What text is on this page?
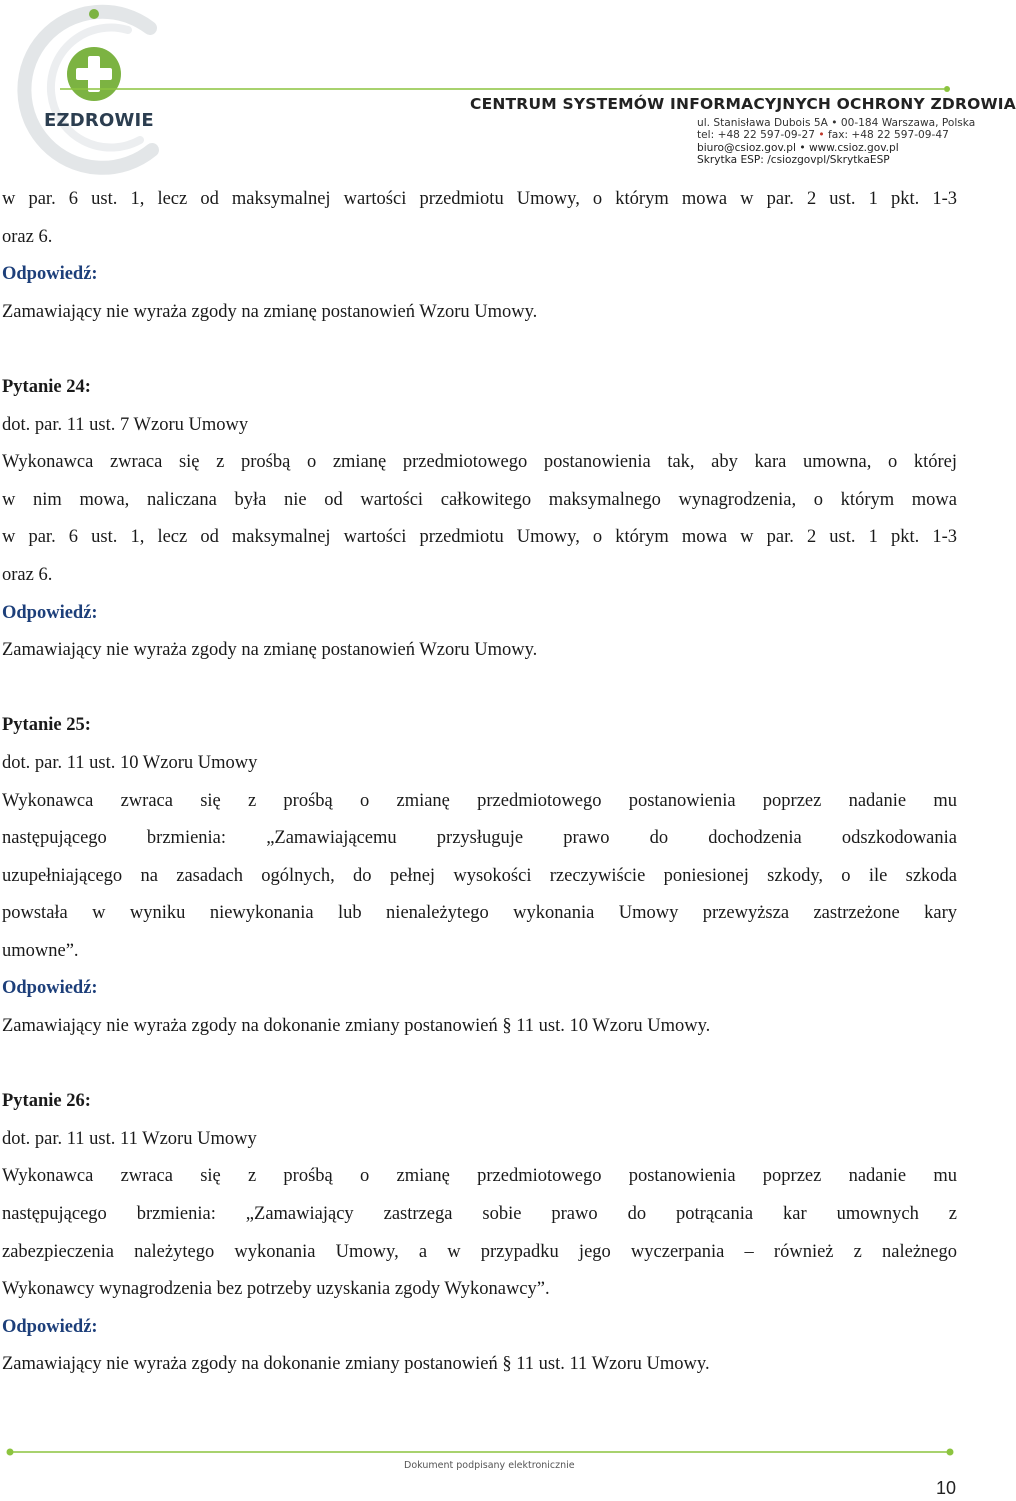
EZDROWIE
CENTRUM SYSTEMÓW INFORMACYJNYCH OCHRONY ZDROWIA
ul. Stanisława Dubois 5A • 00-184 Warszawa, Polska
tel: +48 22 597-09-27 • fax: +48 22 597-09-47
biuro@csioz.gov.pl • www.csioz.gov.pl
Skrytka ESP: /csiozgovpl/SkrytkaESP
w par. 6 ust. 1, lecz od maksymalnej wartości przedmiotu Umowy, o którym mowa w par. 2 ust. 1 pkt. 1-3
oraz 6.
Odpowiedź:
Zamawiający nie wyraża zgody na zmianę postanowień Wzoru Umowy.
Pytanie 24:
dot. par. 11 ust. 7 Wzoru Umowy
Wykonawca zwraca się z prośbą o zmianę przedmiotowego postanowienia tak, aby kara umowna, o której
w nim mowa, naliczana była nie od wartości całkowitego maksymalnego wynagrodzenia, o którym mowa
w par. 6 ust. 1, lecz od maksymalnej wartości przedmiotu Umowy, o którym mowa w par. 2 ust. 1 pkt. 1-3
oraz 6.
Odpowiedź:
Zamawiający nie wyraża zgody na zmianę postanowień Wzoru Umowy.
Pytanie 25:
dot. par. 11 ust. 10 Wzoru Umowy
Wykonawca zwraca się z prośbą o zmianę przedmiotowego postanowienia poprzez nadanie mu
następującego brzmienia: „Zamawiającemu przysługuje prawo do dochodzenia odszkodowania
uzupełniającego na zasadach ogólnych, do pełnej wysokości rzeczywiście poniesionej szkody, o ile szkoda
powstała w wyniku niewykonania lub nienależytego wykonania Umowy przewyższa zastrzeżone kary
umowne”.
Odpowiedź:
Zamawiający nie wyraża zgody na dokonanie zmiany postanowień § 11 ust. 10 Wzoru Umowy.
Pytanie 26:
dot. par. 11 ust. 11 Wzoru Umowy
Wykonawca zwraca się z prośbą o zmianę przedmiotowego postanowienia poprzez nadanie mu
następującego brzmienia: „Zamawiający zastrzega sobie prawo do potrącania kar umownych z
zabezpieczenia należytego wykonania Umowy, a w przypadku jego wyczerpania – również z należnego
Wykonawcy wynagrodzenia bez potrzeby uzyskania zgody Wykonawcy”.
Odpowiedź:
Zamawiający nie wyraża zgody na dokonanie zmiany postanowień § 11 ust. 11 Wzoru Umowy.
Dokument podpisany elektronicznie
10
